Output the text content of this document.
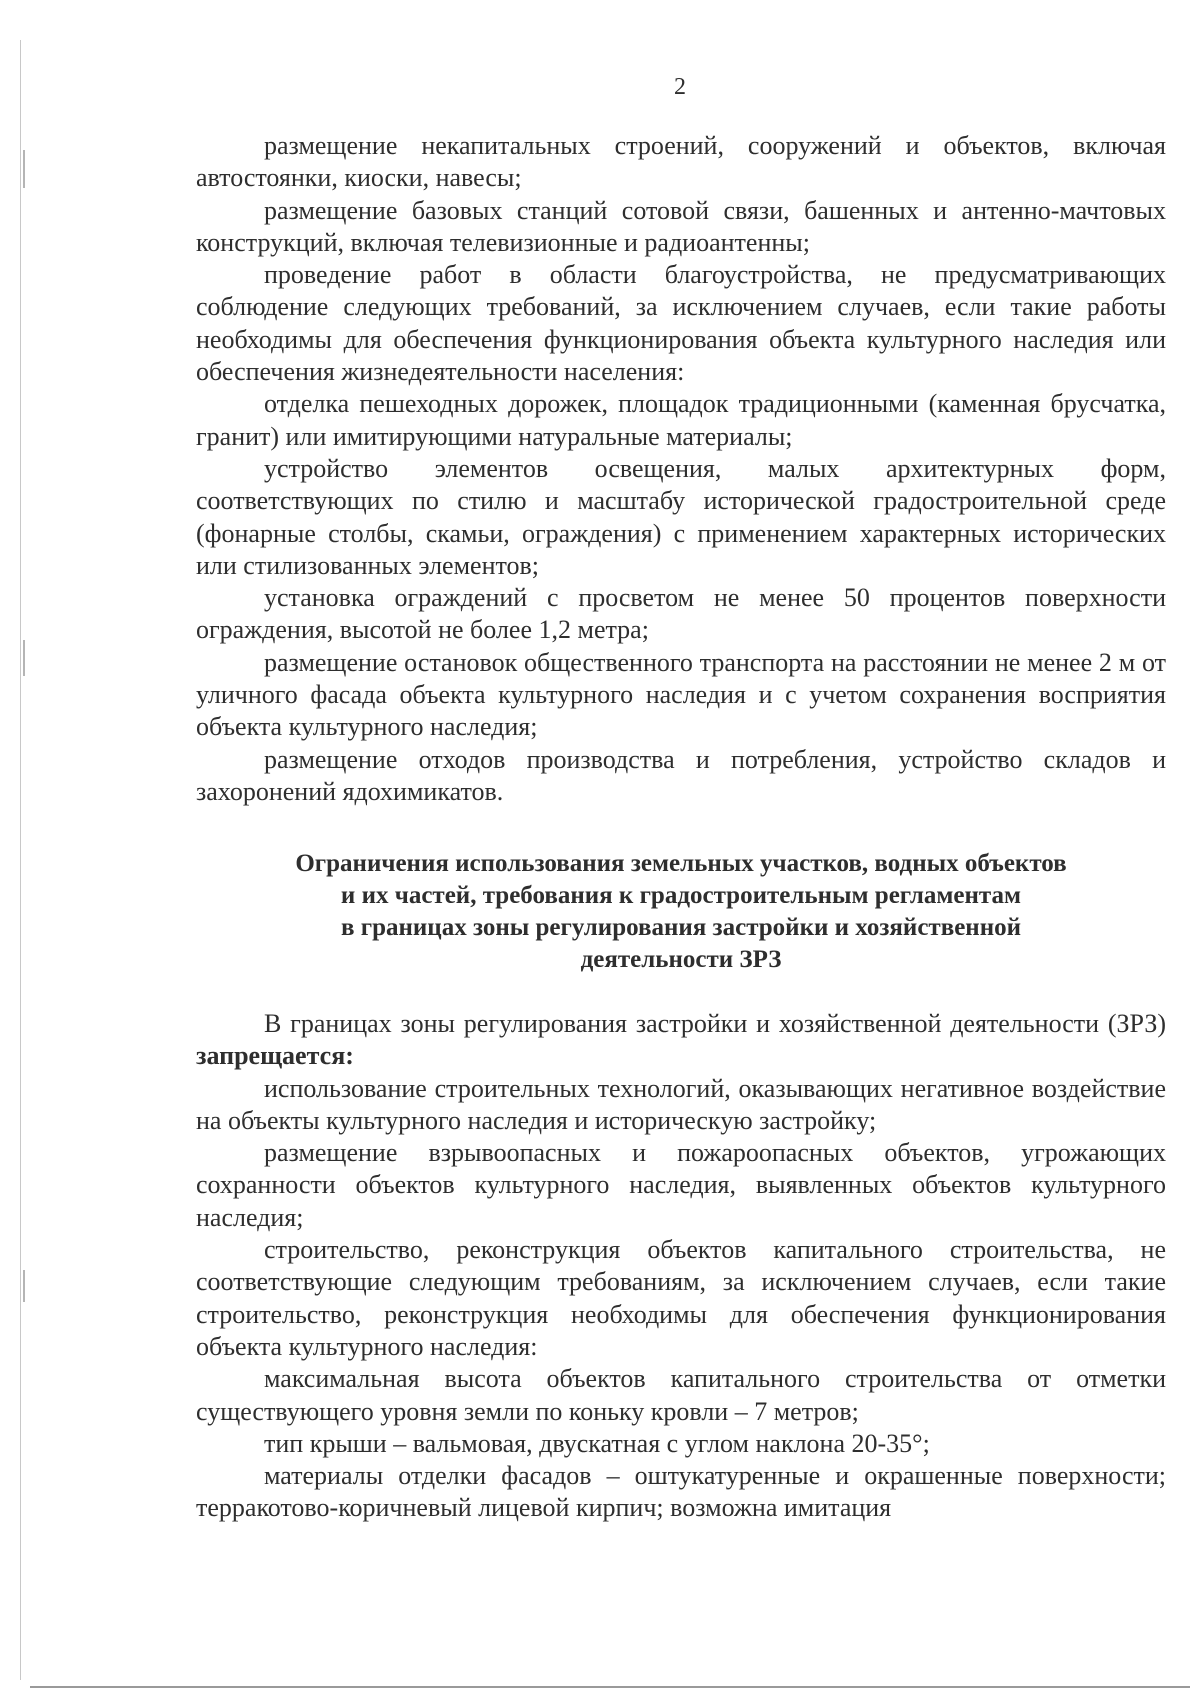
2

размещение некапитальных строений, сооружений и объектов, включая автостоянки, киоски, навесы;

размещение базовых станций сотовой связи, башенных и антенно-мачтовых конструкций, включая телевизионные и радиоантенны;

проведение работ в области благоустройства, не предусматривающих соблюдение следующих требований, за исключением случаев, если такие работы необходимы для обеспечения функционирования объекта культурного наследия или обеспечения жизнедеятельности населения:

отделка пешеходных дорожек, площадок традиционными (каменная брусчатка, гранит) или имитирующими натуральные материалы;

устройство элементов освещения, малых архитектурных форм, соответствующих по стилю и масштабу исторической градостроительной среде (фонарные столбы, скамьи, ограждения) с применением характерных исторических или стилизованных элементов;

установка ограждений с просветом не менее 50 процентов поверхности ограждения, высотой не более 1,2 метра;

размещение остановок общественного транспорта на расстоянии не менее 2 м от уличного фасада объекта культурного наследия и с учетом сохранения восприятия объекта культурного наследия;

размещение отходов производства и потребления, устройство складов и захоронений ядохимикатов.

Ограничения использования земельных участков, водных объектов
и их частей, требования к градостроительным регламентам
в границах зоны регулирования застройки и хозяйственной
деятельности ЗРЗ

В границах зоны регулирования застройки и хозяйственной деятельности (ЗРЗ) запрещается:

использование строительных технологий, оказывающих негативное воздействие на объекты культурного наследия и историческую застройку;

размещение взрывоопасных и пожароопасных объектов, угрожающих сохранности объектов культурного наследия, выявленных объектов культурного наследия;

строительство, реконструкция объектов капитального строительства, не соответствующие следующим требованиям, за исключением случаев, если такие строительство, реконструкция необходимы для обеспечения функционирования объекта культурного наследия:

максимальная высота объектов капитального строительства от отметки существующего уровня земли по коньку кровли – 7 метров;

тип крыши – вальмовая, двускатная с углом наклона 20-35°;

материалы отделки фасадов – оштукатуренные и окрашенные поверхности; терракотово-коричневый лицевой кирпич; возможна имитация
